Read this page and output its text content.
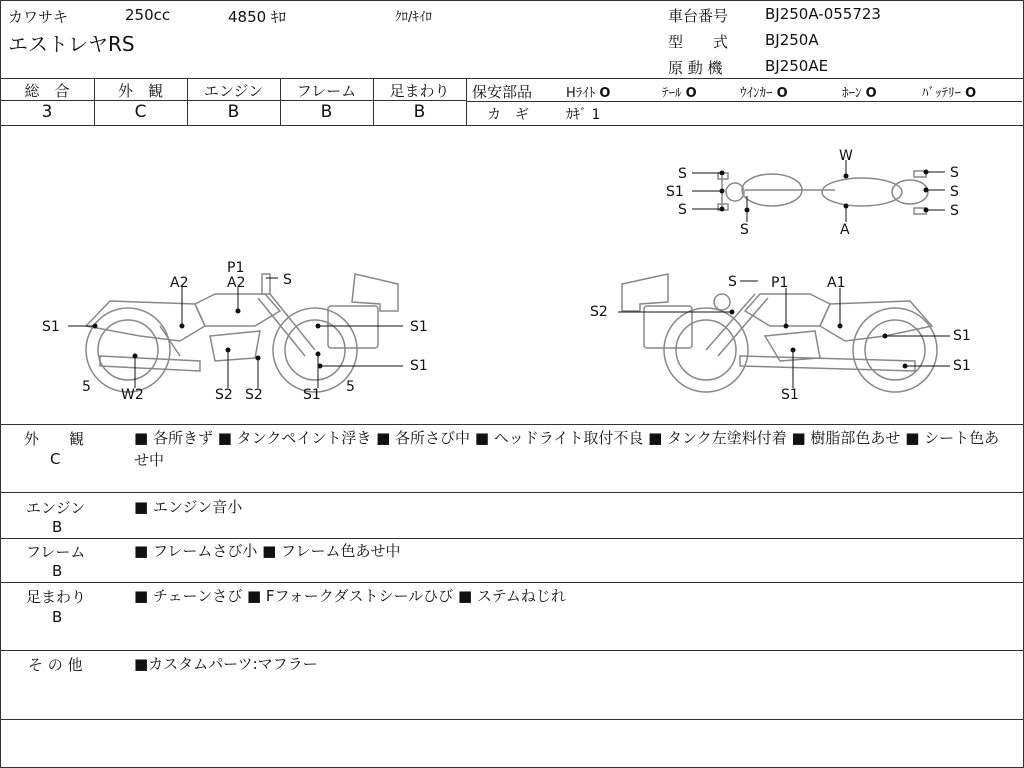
カワサキ	250cc	4850 ｷﾛ	ｸﾛ/ｷｲﾛ
エストレヤRS
車台番号 BJ250A-055723
型　　式 BJ250A
原 動 機	BJ250AE
総　合
3
外　観
C
エンジン
B
フレーム
B
足まわり
B
保安部品	Hﾗｲﾄ O	ﾃｰﾙ O	ｳｲﾝｶｰ O	ﾎｰﾝ O	ﾊﾞｯﾃﾘｰ O
カ　ギ	ｶｷﾞ 1
S
S1
S
S
W
A
S
S
S
P1
A2	A2	S
S1	S1
S1
5 W2	S2 S2	S1 5
S P1	A1
S2
S1
S1
S1
外　　観
C
■ 各所きず ■ タンクペイント浮き ■ 各所さび中 ■ ヘッドライト取付不良 ■ タンク左塗料付着 ■ 樹脂部色あせ ■ シート色あせ中
エンジン
B
■ エンジン音小
フレーム
B
■ フレームさび小 ■ フレーム色あせ中
足まわり
B
■ チェーンさび ■ Fフォークダストシールひび ■ ステムねじれ
そ の 他	■カスタムパーツ:マフラー
